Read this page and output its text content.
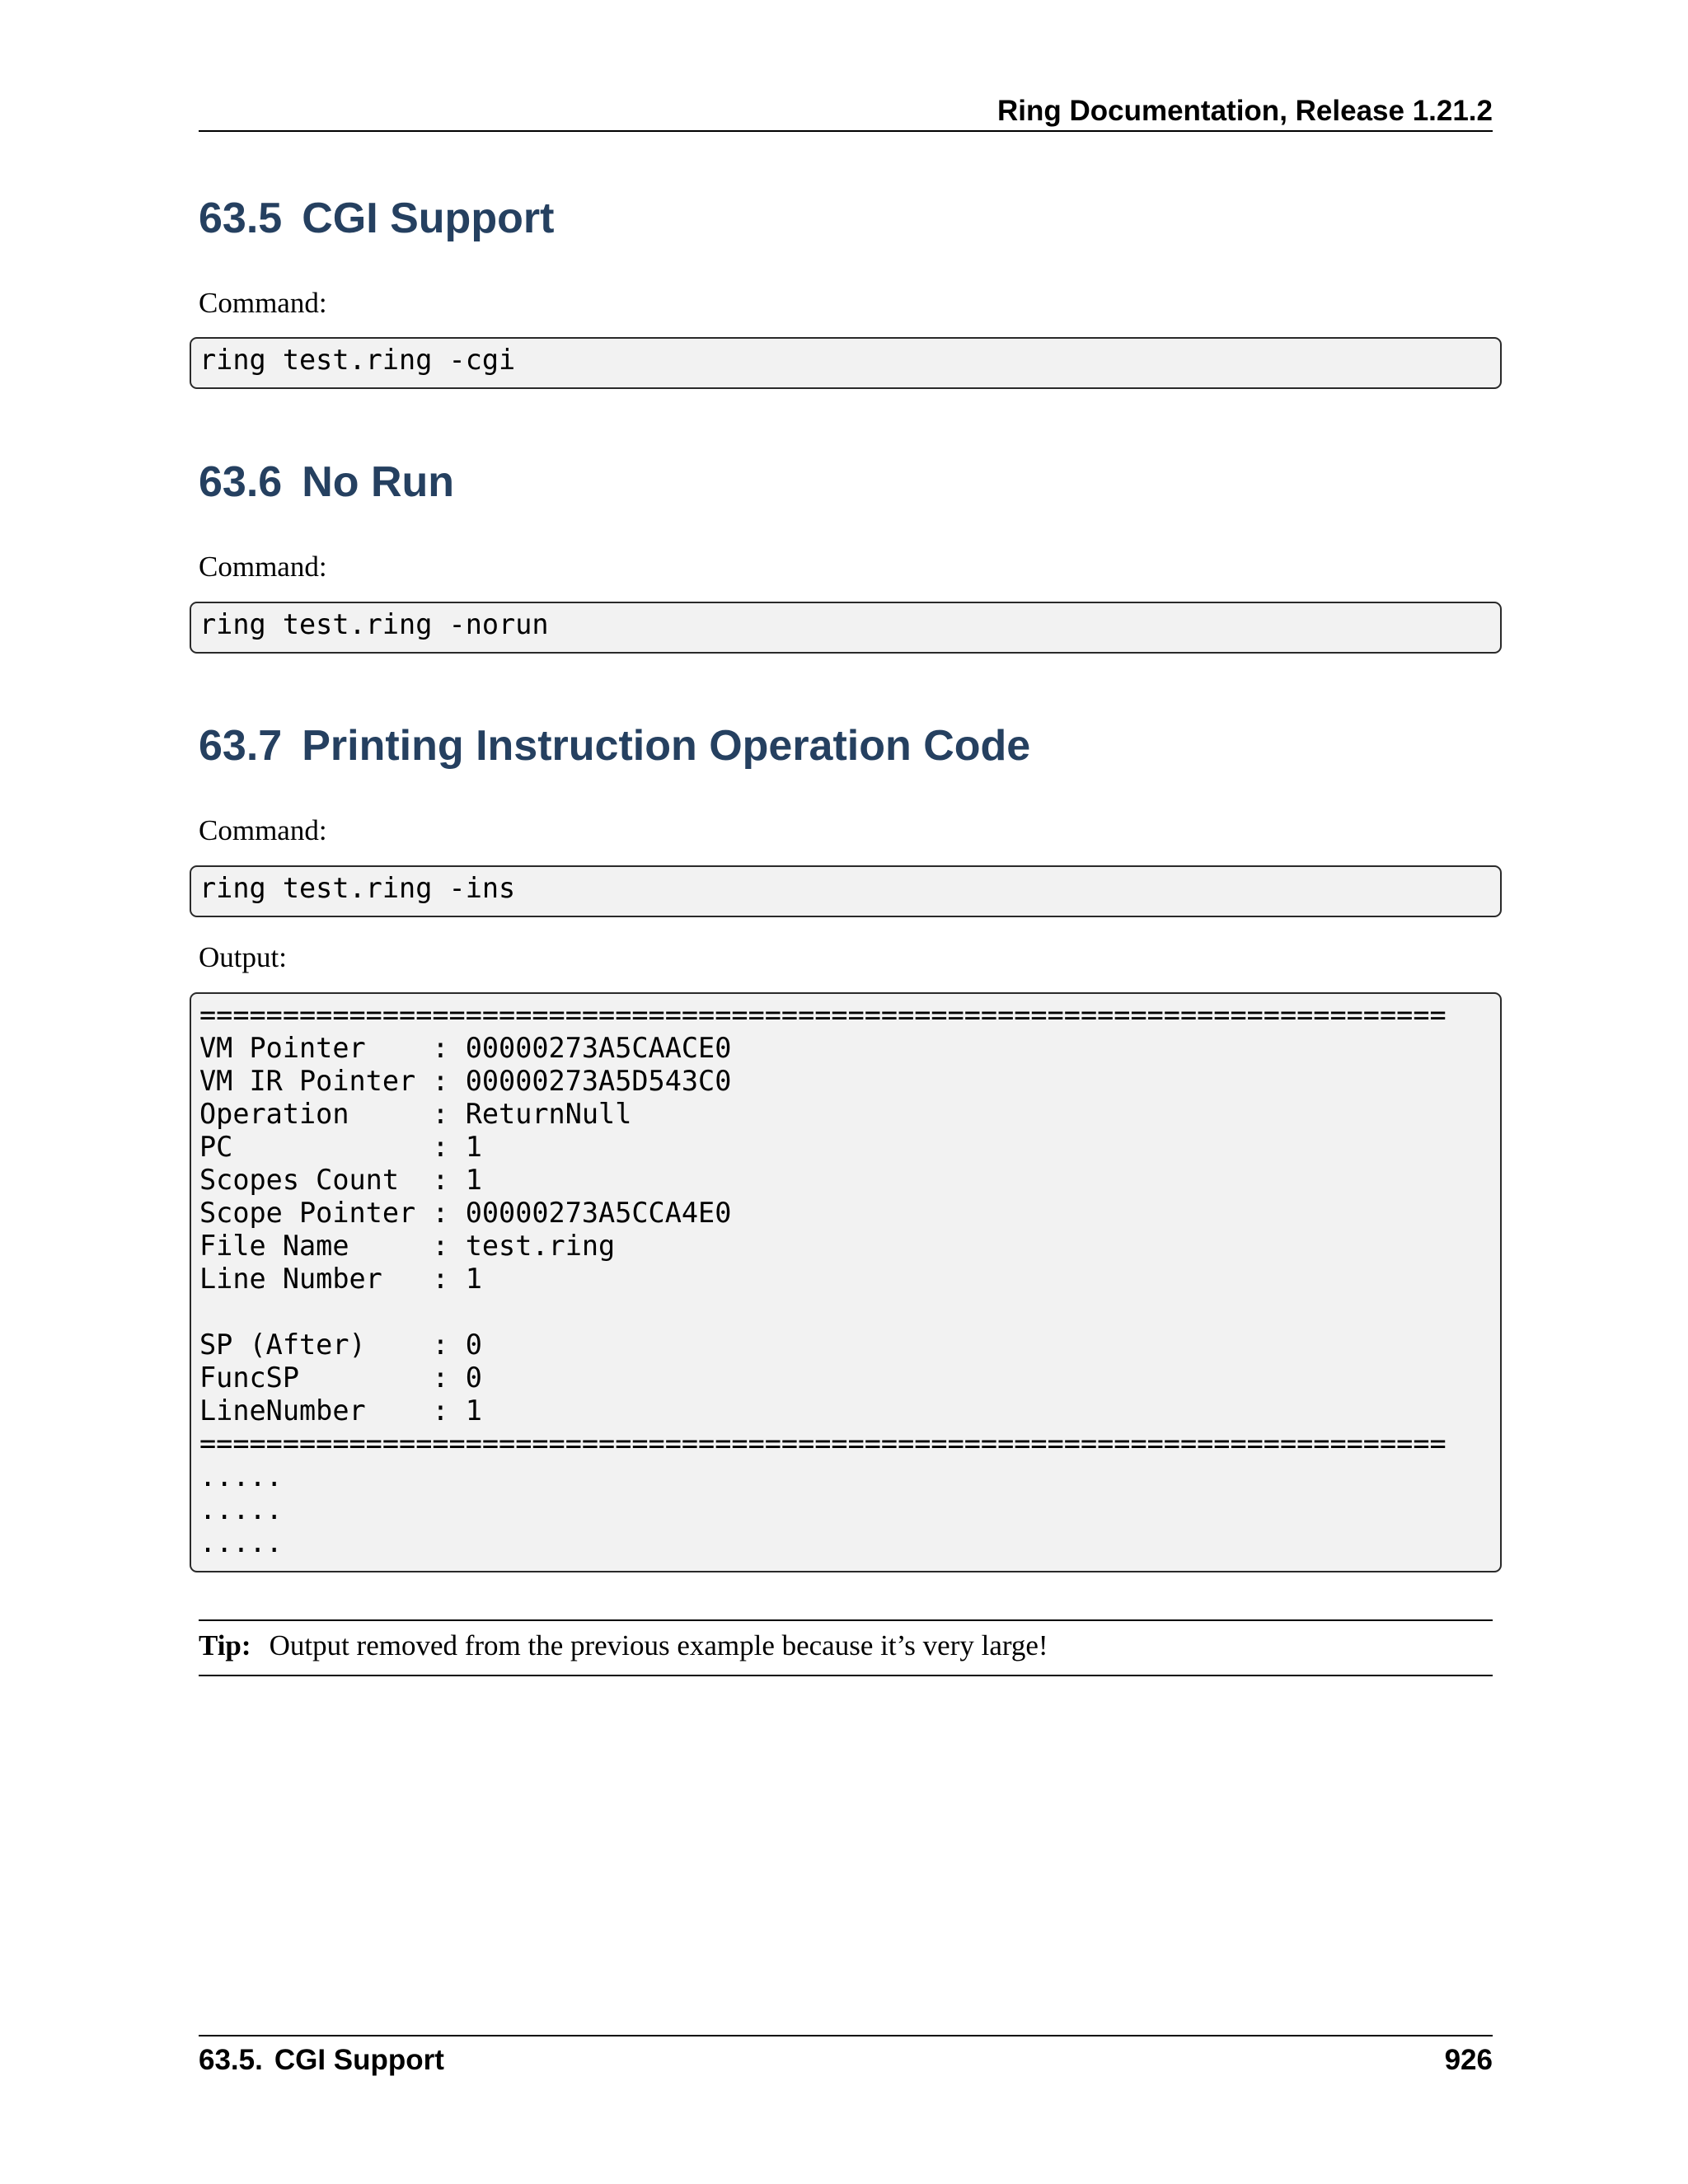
Ring Documentation, Release 1.21.2
63.5 CGI Support

Command:

ring test.ring -cgi
63.6 No Run

Command:

ring test.ring -norun
63.7 Printing Instruction Operation Code

Command:

ring test.ring -ins

Output:

===========================================================================
VM Pointer    : 00000273A5CAACE0
VM IR Pointer : 00000273A5D543C0
Operation     : ReturnNull
PC            : 1
Scopes Count  : 1
Scope Pointer : 00000273A5CCA4E0
File Name     : test.ring
Line Number   : 1
SP (After)    : 0
FuncSP        : 0
LineNumber    : 1
===========================================================================
.....
.....
.....
Tip: Output removed from the previous example because it’s very large!
63.5. CGI Support	926
